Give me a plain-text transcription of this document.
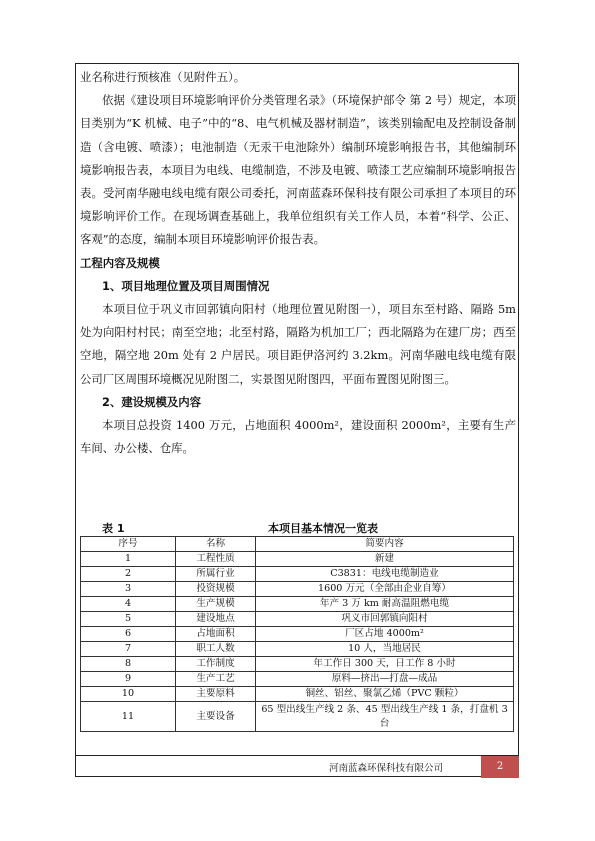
业名称进行预核准（见附件五）。

依据《建设项目环境影响评价分类管理名录》（环境保护部令 第 2 号）规定，本项目类别为“K 机械、电子”中的“8、电气机械及器材制造”，该类别输配电及控制设备制造（含电镀、喷漆）；电池制造（无汞干电池除外）编制环境影响报告书，其他编制环境影响报告表，本项目为电线、电缆制造，不涉及电镀、喷漆工艺应编制环境影响报告表。受河南华融电线电缆有限公司委托，河南蓝森环保科技有限公司承担了本项目的环境影响评价工作。在现场调查基础上，我单位组织有关工作人员，本着“科学、公正、客观”的态度，编制本项目环境影响评价报告表。

工程内容及规模

1、项目地理位置及项目周围情况

本项目位于巩义市回郭镇向阳村（地理位置见附图一），项目东至村路、隔路 5m 处为向阳村村民；南至空地；北至村路，隔路为机加工厂；西北隔路为在建厂房；西至空地，隔空地 20m 处有 2 户居民。项目距伊洛河约 3.2km。河南华融电线电缆有限公司厂区周围环境概况见附图二，实景图见附图四，平面布置图见附图三。

2、建设规模及内容

本项目总投资 1400 万元，占地面积 4000m²，建设面积 2000m²，主要有生产车间、办公楼、仓库。

表 1	本项目基本情况一览表
序号	名称	简要内容
1	工程性质	新建
2	所属行业	C3831：电线电缆制造业
3	投资规模	1600 万元（全部由企业自筹）
4	生产规模	年产 3 万 km 耐高温阻燃电缆
5	建设地点	巩义市回郭镇向阳村
6	占地面积	厂区占地 4000m²
7	职工人数	10 人，当地居民
8	工作制度	年工作日 300 天，日工作 8 小时
9	生产工艺	原料—挤出—打盘—成品
10	主要原料	铜丝、铝丝、聚氯乙烯（PVC 颗粒）
11	主要设备	65 型出线生产线 2 条、45 型出线生产线 1 条，打盘机 3 台
河南蓝森环保科技有限公司	2
